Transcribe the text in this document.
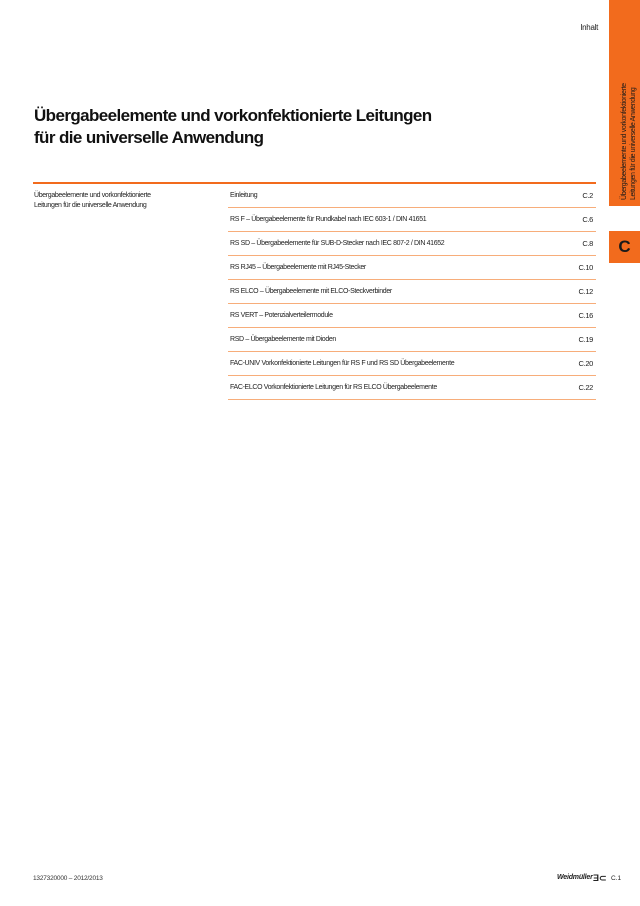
Inhalt
Übergabeelemente und vorkonfektionierte Leitungen für die universelle Anwendung
C
Übergabeelemente und vorkonfektionierte Leitungen
für die universelle Anwendung
Übergabeelemente und vorkonfektionierte
Leitungen für die universelle Anwendung
Einleitung	C.2
RS F – Übergabeelemente für Rundkabel nach IEC 603-1 / DIN 41651	C.6
RS SD – Übergabeelemente für SUB-D-Stecker nach IEC 807-2 / DIN 41652	C.8
RS RJ45 – Übergabeelemente mit RJ45-Stecker	C.10
RS ELCO – Übergabeelemente mit ELCO-Steckverbinder	C.12
RS VERT – Potenzialverteilermodule	C.16
RSD – Übergabeelemente mit Dioden	C.19
FAC-UNIV Vorkonfektionierte Leitungen für RS F und RS SD Übergabeelemente	C.20
FAC-ELCO Vorkonfektionierte Leitungen für RS ELCO Übergabeelemente	C.22
1327320000 – 2012/2013	Weidmüller Ǝ⊂ C.1
